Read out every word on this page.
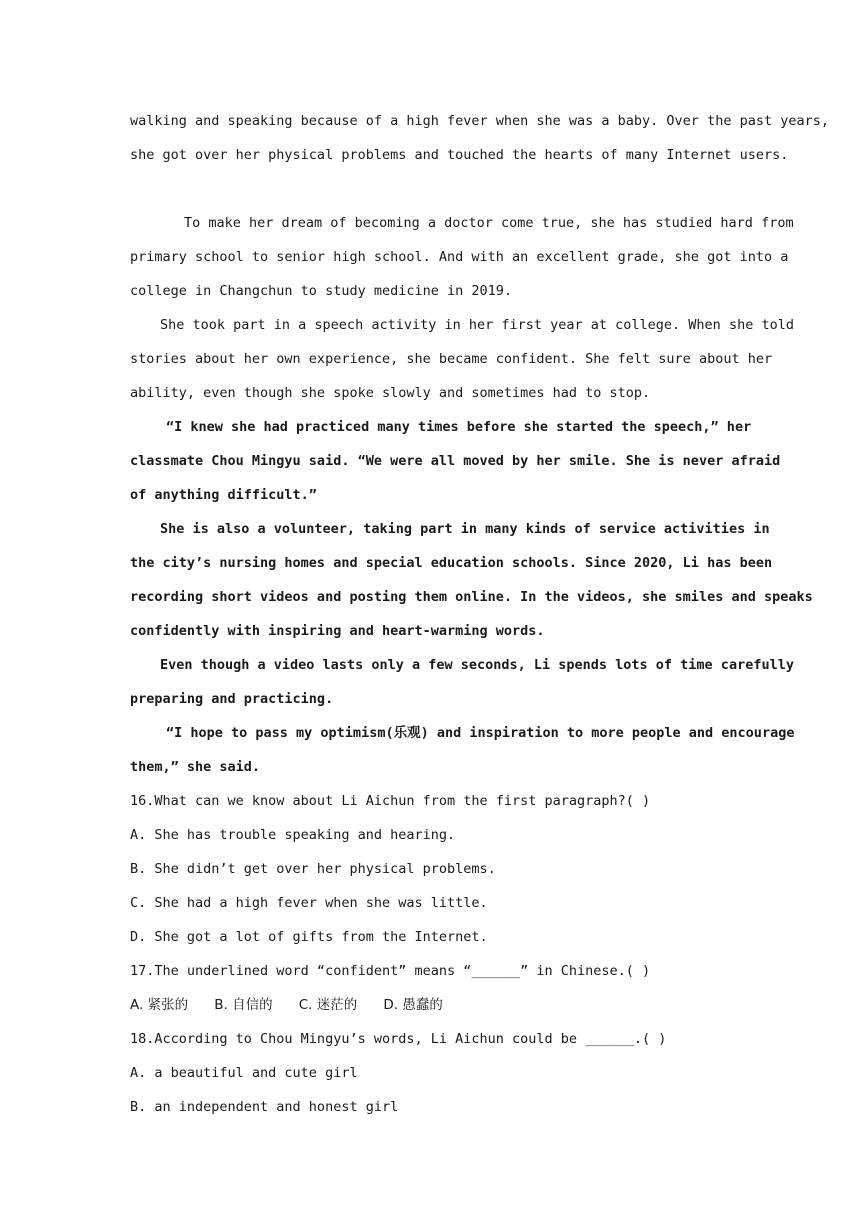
walking and speaking because of a high fever when she was a baby. Over the past years,
she got over her physical problems and touched the hearts of many Internet users.
To make her dream of becoming a doctor come true, she has studied hard from
primary school to senior high school. And with an excellent grade, she got into a
college in Changchun to study medicine in 2019.
She took part in a speech activity in her first year at college. When she told
stories about her own experience, she became confident. She felt sure about her
ability, even though she spoke slowly and sometimes had to stop.
“I knew she had practiced many times before she started the speech,” her
classmate Chou Mingyu said. “We were all moved by her smile. She is never afraid
of anything difficult.”
She is also a volunteer, taking part in many kinds of service activities in
the city’s nursing homes and special education schools. Since 2020, Li has been
recording short videos and posting them online. In the videos, she smiles and speaks
confidently with inspiring and heart-warming words.
Even though a video lasts only a few seconds, Li spends lots of time carefully
preparing and practicing.
“I hope to pass my optimism(乐观) and inspiration to more people and encourage
them,” she said.
16.What can we know about Li Aichun from the first paragraph?( )
A. She has trouble speaking and hearing.
B. She didn’t get over her physical problems.
C. She had a high fever when she was little.
D. She got a lot of gifts from the Internet.
17.The underlined word “confident” means “______” in Chinese.( )
A. 紧张的 B. 自信的 C. 迷茫的 D. 愚蠢的
18.According to Chou Mingyu’s words, Li Aichun could be ______.( )
A. a beautiful and cute girl
B. an independent and honest girl
